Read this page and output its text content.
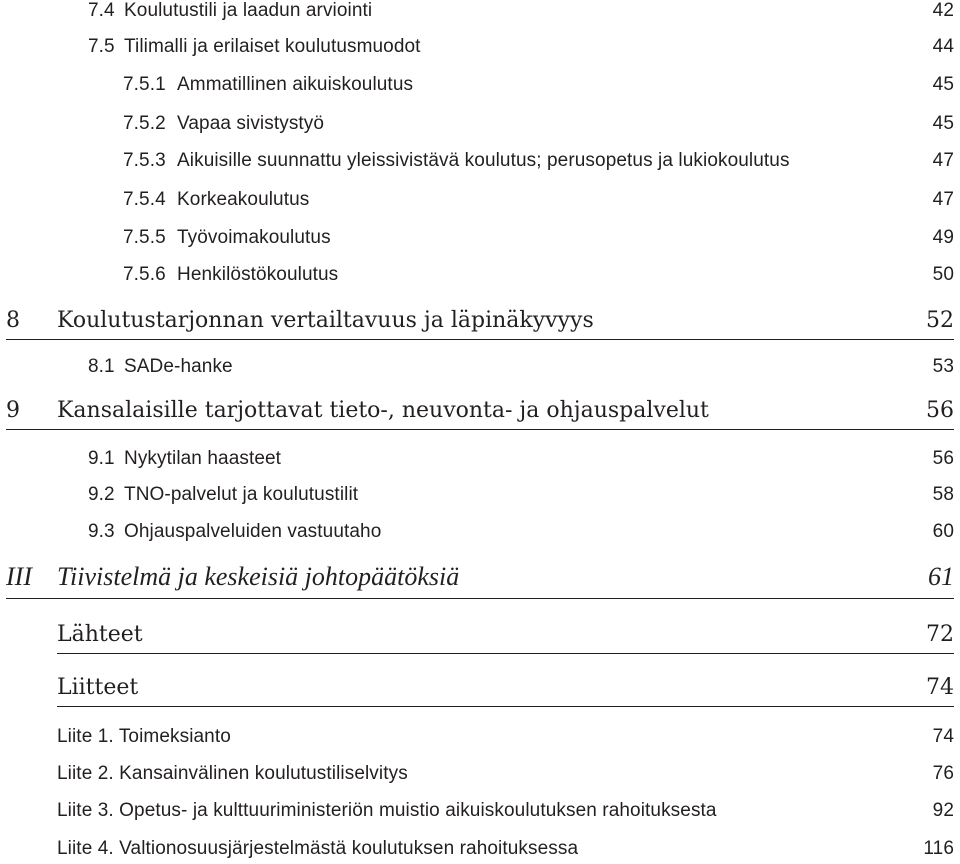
7.4 Koulutustili ja laadun arviointi	42
7.5 Tilimalli ja erilaiset koulutusmuodot	44
7.5.1 Ammatillinen aikuiskoulutus	45
7.5.2 Vapaa sivistystyö	45
7.5.3 Aikuisille suunnattu yleissivistävä koulutus; perusopetus ja lukiokoulutus	47
7.5.4 Korkeakoulutus	47
7.5.5 Työvoimakoulutus	49
7.5.6 Henkilöstökoulutus	50
8	Koulutustarjonnan vertailtavuus ja läpinäkyvyys	52
8.1 SADe-hanke	53
9	Kansalaisille tarjottavat tieto-, neuvonta- ja ohjauspalvelut	56
9.1 Nykytilan haasteet	56
9.2 TNO-palvelut ja koulutustilit	58
9.3 Ohjauspalveluiden vastuutaho	60
III Tiivistelmä ja keskeisiä johtopäätöksiä	61
Lähteet	72
Liitteet	74
Liite 1. Toimeksianto	74
Liite 2. Kansainvälinen koulutustiliselvitys	76
Liite 3. Opetus- ja kulttuuriministeriön muistio aikuiskoulutuksen rahoituksesta	92
Liite 4. Valtionosuusjärjestelmästä koulutuksen rahoituksessa	116
